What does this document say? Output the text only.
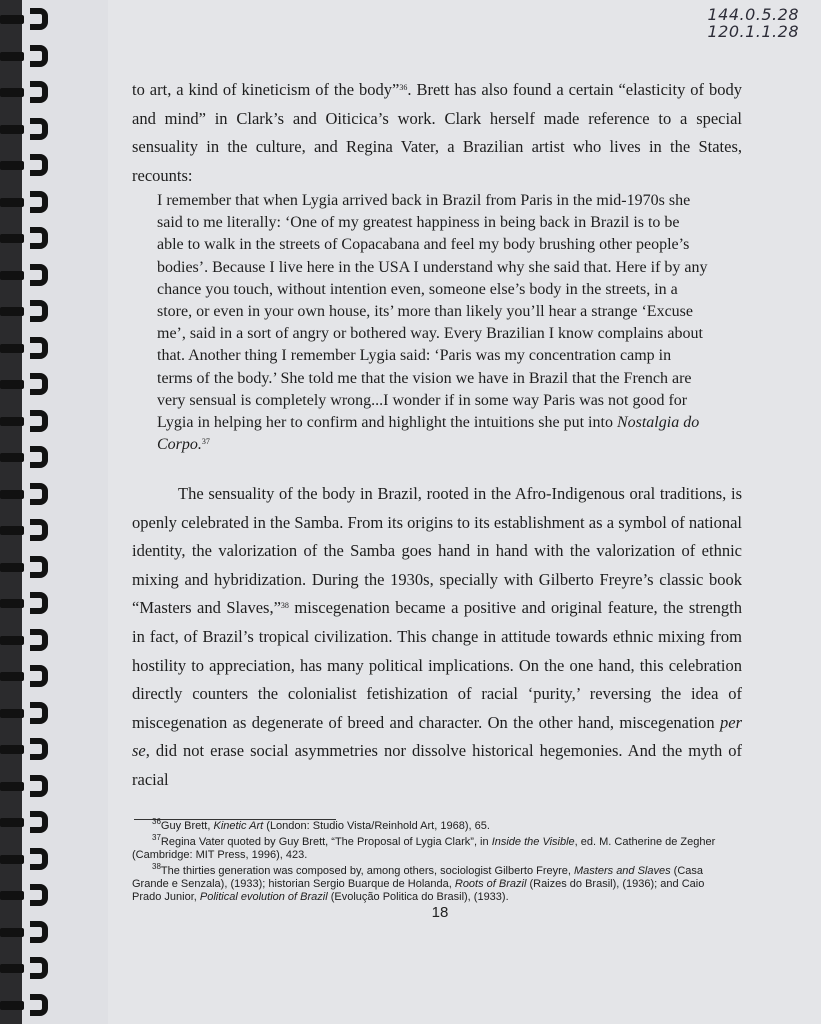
144.0.5.28
120.1.1.28

to art, a kind of kineticism of the body”$^{36}$. Brett has also found a certain “elasticity of body and mind” in Clark’s and Oiticica’s work. Clark herself made reference to a special sensuality in the culture, and Regina Vater, a Brazilian artist who lives in the States, recounts:

I remember that when Lygia arrived back in Brazil from Paris in the mid-1970s she said to me literally: ‘One of my greatest happiness in being back in Brazil is to be able to walk in the streets of Copacabana and feel my body brushing other people’s bodies’. Because I live here in the USA I understand why she said that. Here if by any chance you touch, without intention even, someone else’s body in the streets, in a store, or even in your own house, its’ more than likely you’ll hear a strange ‘Excuse me’, said in a sort of angry or bothered way. Every Brazilian I know complains about that. Another thing I remember Lygia said: ‘Paris was my concentration camp in terms of the body.’ She told me that the vision we have in Brazil that the French are very sensual is completely wrong...I wonder if in some way Paris was not good for Lygia in helping her to confirm and highlight the intuitions she put into Nostalgia do Corpo.$^{37}$

The sensuality of the body in Brazil, rooted in the Afro-Indigenous oral traditions, is openly celebrated in the Samba. From its origins to its establishment as a symbol of national identity, the valorization of the Samba goes hand in hand with the valorization of ethnic mixing and hybridization. During the 1930s, specially with Gilberto Freyre’s classic book “Masters and Slaves,”$^{38}$ miscegenation became a positive and original feature, the strength in fact, of Brazil’s tropical civilization. This change in attitude towards ethnic mixing from hostility to appreciation, has many political implications. On the one hand, this celebration directly counters the colonialist fetishization of racial ‘purity,’ reversing the idea of miscegenation as degenerate of breed and character. On the other hand, miscegenation per se, did not erase social asymmetries nor dissolve historical hegemonies. And the myth of racial

$^{36}$Guy Brett, Kinetic Art (London: Studio Vista/Reinhold Art, 1968), 65.

$^{37}$Regina Vater quoted by Guy Brett, “The Proposal of Lygia Clark”, in Inside the Visible, ed. M. Catherine de Zegher (Cambridge: MIT Press, 1996), 423.

$^{38}$The thirties generation was composed by, among others, sociologist Gilberto Freyre, Masters and Slaves (Casa Grande e Senzala), (1933); historian Sergio Buarque de Holanda, Roots of Brazil (Raizes do Brasil), (1936); and Caio Prado Junior, Political evolution of Brazil (Evolução Politica do Brasil), (1933).

18
